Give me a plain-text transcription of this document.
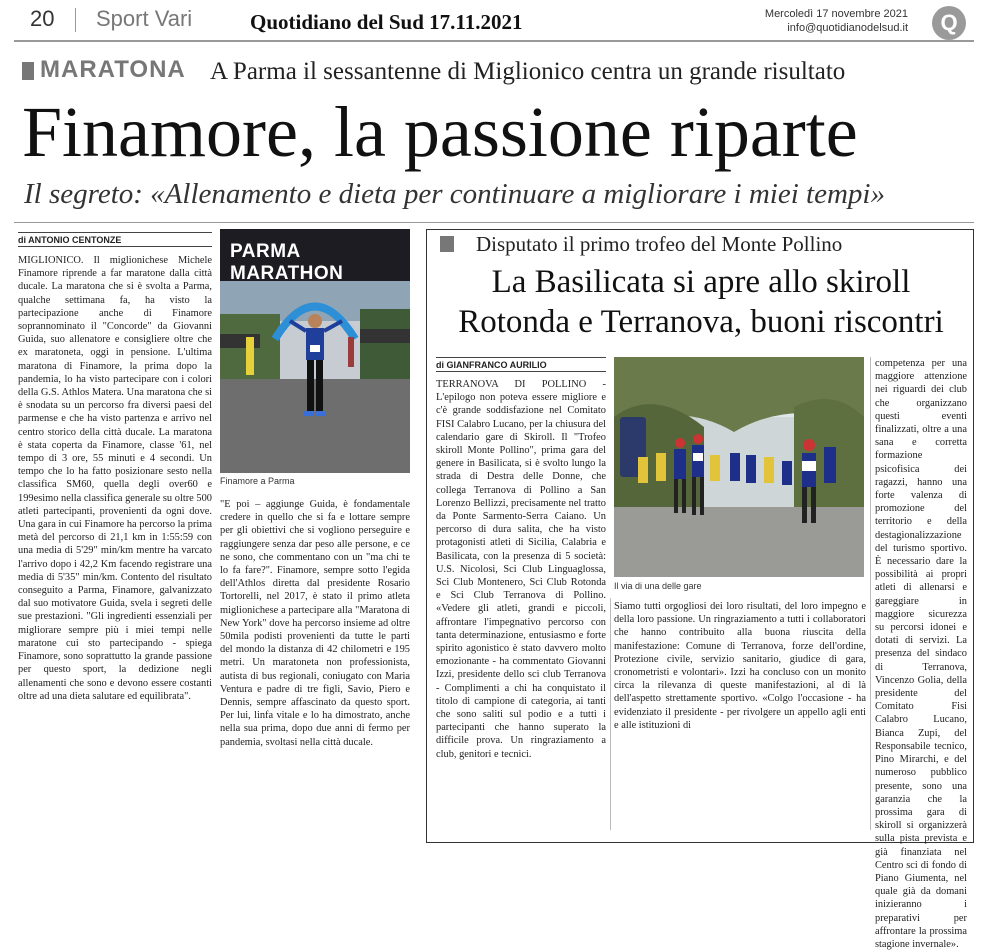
20 Sport Vari	Quotidiano del Sud 17.11.2021	Mercoledì 17 novembre 2021
info@quotidianodelsud.it	Q
MARATONA A Parma il sessantenne di Miglionico centra un grande risultato
Finamore, la passione riparte
Il segreto: «Allenamento e dieta per continuare a migliorare i miei tempi»
di ANTONIO CENTONZE
MIGLIONICO. Il miglionichese Michele Finamore riprende a far maratone dalla città ducale. La maratona che si è svolta a Parma, qualche settimana fa, ha visto la partecipazione anche di Finamore soprannominato il "Concorde" da Giovanni Guida, suo allenatore e consigliere oltre che ex maratoneta, oggi in pensione. L'ultima maratona di Finamore, la prima dopo la pandemia, lo ha visto partecipare con i colori della G.S. Athlos Matera. Una maratona che si è snodata su un percorso fra diversi paesi del parmense e che ha visto partenza e arrivo nel centro storico della città ducale. La maratona è stata coperta da Finamore, classe '61, nel tempo di 3 ore, 55 minuti e 4 secondi. Un tempo che lo ha fatto posizionare sesto nella classifica SM60, quella degli over60 e 199esimo nella classifica generale su oltre 500 atleti partecipanti, provenienti da ogni dove. Una gara in cui Finamore ha percorso la prima metà del percorso di 21,1 km in 1:55:59 con una media di 5'29" min/km mentre ha varcato l'arrivo dopo i 42,2 Km facendo registrare una media di 5'35" min/km. Contento del risultato conseguito a Parma, Finamore, galvanizzato dal suo motivatore Guida, svela i segreti delle sue prestazioni. "Gli ingredienti essenziali per migliorare sempre più i miei tempi nelle maratone cui sto partecipando - spiega Finamore, sono soprattutto la grande passione per questo sport, la dedizione negli allenamenti che sono e devono essere costanti oltre ad una dieta salutare ed equilibrata".
PARMA MARATHON
Finamore a Parma
"E poi – aggiunge Guida, è fondamentale credere in quello che si fa e lottare sempre per gli obiettivi che si vogliono perseguire e raggiungere senza dar peso alle persone, e ce ne sono, che commentano con un "ma chi te lo fa fare?". Finamore, sempre sotto l'egida dell'Athlos diretta dal presidente Rosario Tortorelli, nel 2017, è stato il primo atleta miglionichese a partecipare alla "Maratona di New York" dove ha percorso insieme ad oltre 50mila podisti provenienti da tutte le parti del mondo la distanza di 42 chilometri e 195 metri. Un maratoneta non professionista, autista di bus regionali, coniugato con Maria Ventura e padre di tre figli, Savio, Piero e Dennis, sempre affascinato da questo sport. Per lui, linfa vitale e lo ha dimostrato, anche nella sua prima, dopo due anni di fermo per pandemia, svoltasi nella città ducale.
Disputato il primo trofeo del Monte Pollino
La Basilicata si apre allo skiroll
Rotonda e Terranova, buoni riscontri
di GIANFRANCO AURILIO
Il via di una delle gare
TERRANOVA DI POLLINO - L'epilogo non poteva essere migliore e c'è grande soddisfazione nel Comitato FISI Calabro Lucano, per la chiusura del calendario gare di Skiroll. Il "Trofeo skiroll Monte Pollino", prima gara del genere in Basilicata, si è svolto lungo la strada di Destra delle Donne, che collega Terranova di Pollino a San Lorenzo Bellizzi, precisamente nel tratto da Ponte Sarmento-Serra Caiano. Un percorso di dura salita, che ha visto protagonisti atleti di Sicilia, Calabria e Basilicata, con la presenza di 5 società: U.S. Nicolosi, Sci Club Linguaglossa, Sci Club Montenero, Sci Club Rotonda e Sci Club Terranova di Pollino. «Vedere gli atleti, grandi e piccoli, affrontare l'impegnativo percorso con tanta determinazione, entusiasmo e forte spirito agonistico è stato davvero molto emozionante - ha commentato Giovanni Izzi, presidente dello sci club Terranova - Complimenti a chi ha conquistato il titolo di campione di categoria, ai tanti che sono saliti sul podio e a tutti i partecipanti che hanno superato la difficile prova. Un ringraziamento a club, genitori e tecnici.
Siamo tutti orgogliosi dei loro risultati, del loro impegno e della loro passione. Un ringraziamento a tutti i collaboratori che hanno contribuito alla buona riuscita della manifestazione: Comune di Terranova, forze dell'ordine, Protezione civile, servizio sanitario, giudice di gara, cronometristi e volontari». Izzi ha concluso con un monito circa la rilevanza di queste manifestazioni, al di là dell'aspetto strettamente sportivo. «Colgo l'occasione - ha evidenziato il presidente - per rivolgere un appello agli enti e alle istituzioni di
competenza per una maggiore attenzione nei riguardi dei club che organizzano questi eventi finalizzati, oltre a una sana e corretta formazione psicofisica dei ragazzi, hanno una forte valenza di promozione del territorio e della destagionalizzazione del turismo sportivo. È necessario dare la possibilità ai propri atleti di allenarsi e gareggiare in maggiore sicurezza su percorsi idonei e dotati di servizi. La presenza del sindaco di Terranova, Vincenzo Golia, della presidente del Comitato Fisi Calabro Lucano, Bianca Zupi, del Responsabile tecnico, Pino Mirarchi, e del numeroso pubblico presente, sono una garanzia che la prossima gara di skiroll si organizzerà sulla pista prevista e già finanziata nel Centro sci di fondo di Piano Giumenta, nel quale già da domani inizieranno i preparativi per affrontare la prossima stagione invernale».
